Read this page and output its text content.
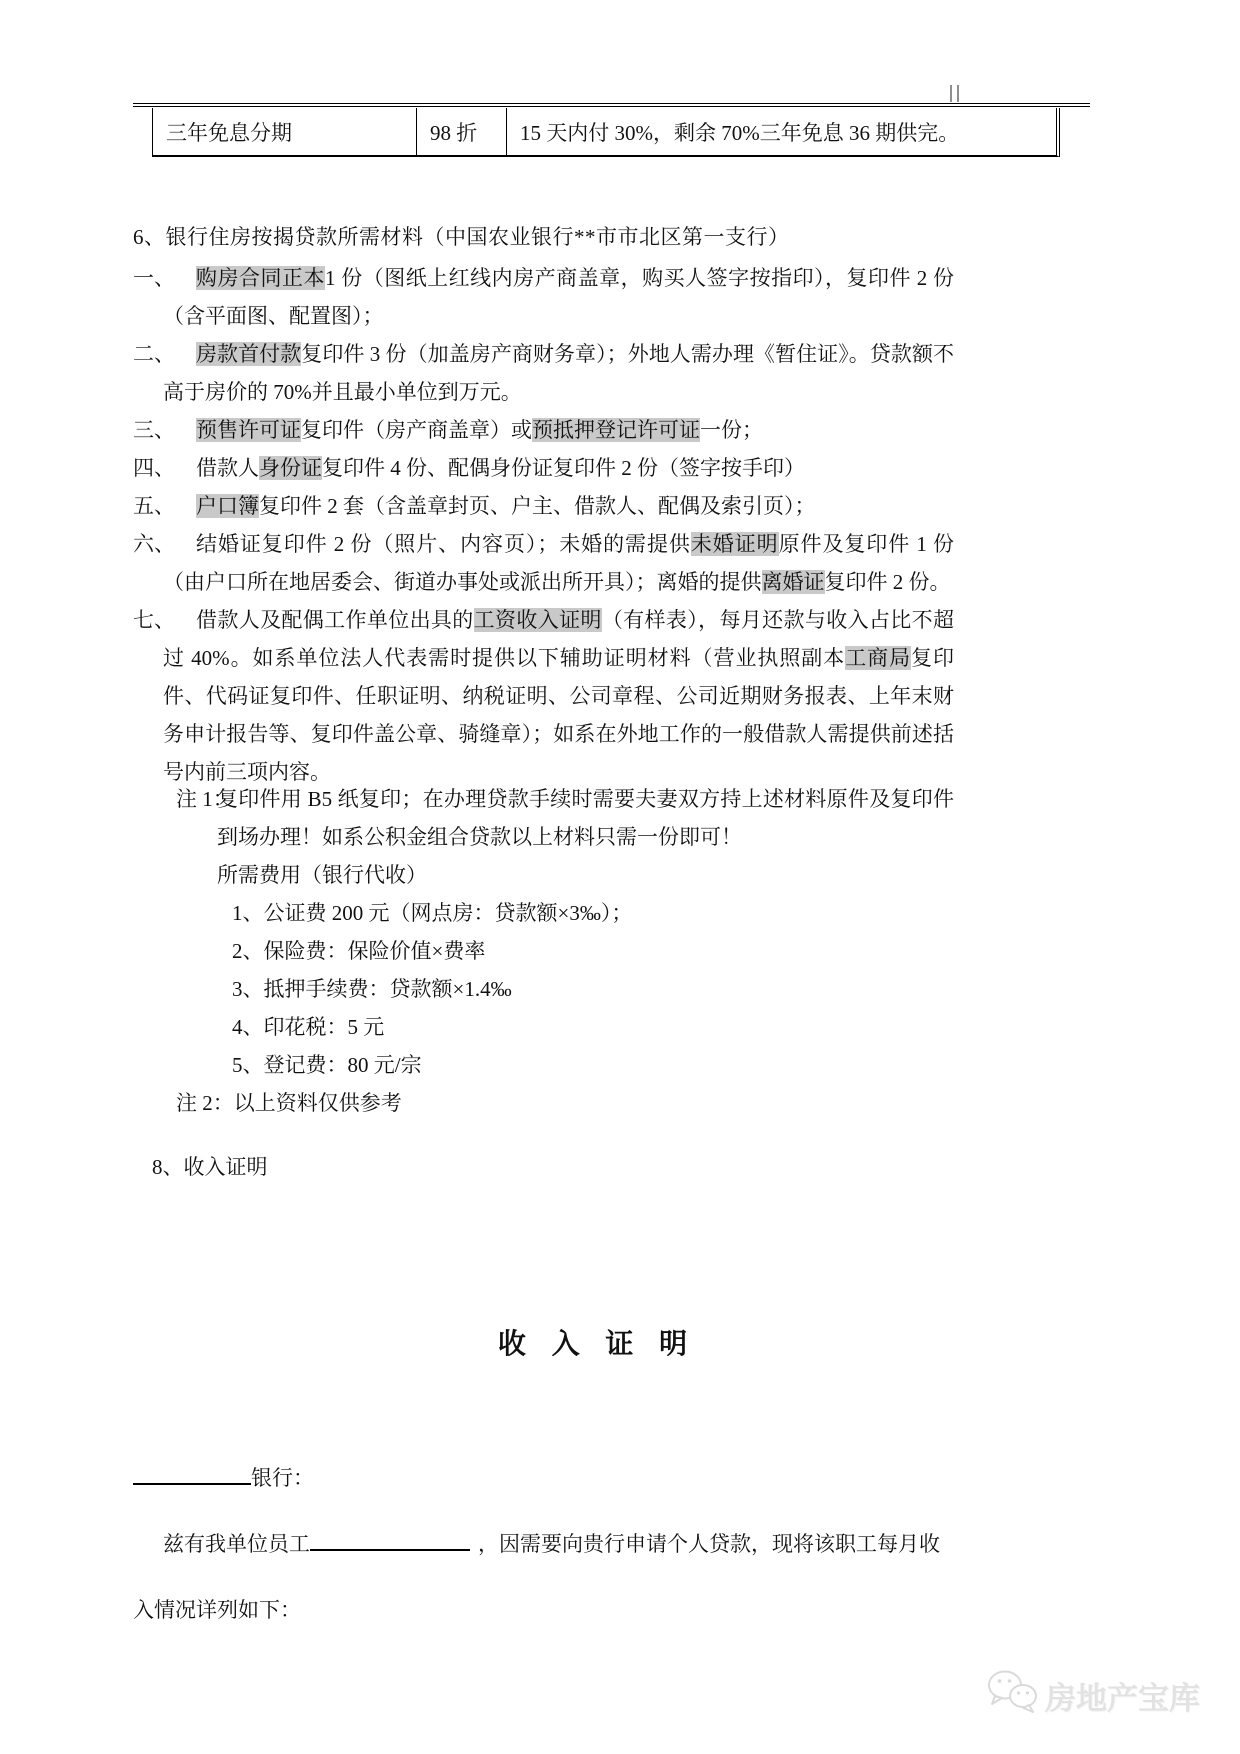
三年免息分期	98 折	15 天内付 30%，剩余 70%三年免息 36 期供完。
6、银行住房按揭贷款所需材料（中国农业银行**市市北区第一支行）
一、	购房合同正本1 份（图纸上红线内房产商盖章，购买人签字按指印），复印件 2 份（含平面图、配置图）；
二、	房款首付款复印件 3 份（加盖房产商财务章）；外地人需办理《暂住证》。贷款额不高于房价的 70%并且最小单位到万元。
三、	预售许可证复印件（房产商盖章）或预抵押登记许可证一份；
四、	借款人身份证复印件 4 份、配偶身份证复印件 2 份（签字按手印）
五、	户口簿复印件 2 套（含盖章封页、户主、借款人、配偶及索引页）；
六、	结婚证复印件 2 份（照片、内容页）；未婚的需提供未婚证明原件及复印件 1 份（由户口所在地居委会、街道办事处或派出所开具）；离婚的提供离婚证复印件 2 份。
七、	借款人及配偶工作单位出具的工资收入证明（有样表），每月还款与收入占比不超过 40%。如系单位法人代表需时提供以下辅助证明材料（营业执照副本工商局复印件、代码证复印件、任职证明、纳税证明、公司章程、公司近期财务报表、上年末财务申计报告等、复印件盖公章、骑缝章）；如系在外地工作的一般借款人需提供前述括号内前三项内容。
注 1：
复印件用 B5 纸复印；在办理贷款手续时需要夫妻双方持上述材料原件及复印件到场办理！如系公积金组合贷款以上材料只需一份即可！
所需费用（银行代收）
1、公证费 200 元（网点房：贷款额×3‰）；
2、保险费：保险价值×费率
3、抵押手续费：贷款额×1.4‰
4、印花税：5 元
5、登记费：80 元/宗
注 2：以上资料仅供参考
8、收入证明
收 入 证 明
银行：
兹有我单位员工	，因需要向贵行申请个人贷款，现将该职工每月收入情况详列如下：
房地产宝库
